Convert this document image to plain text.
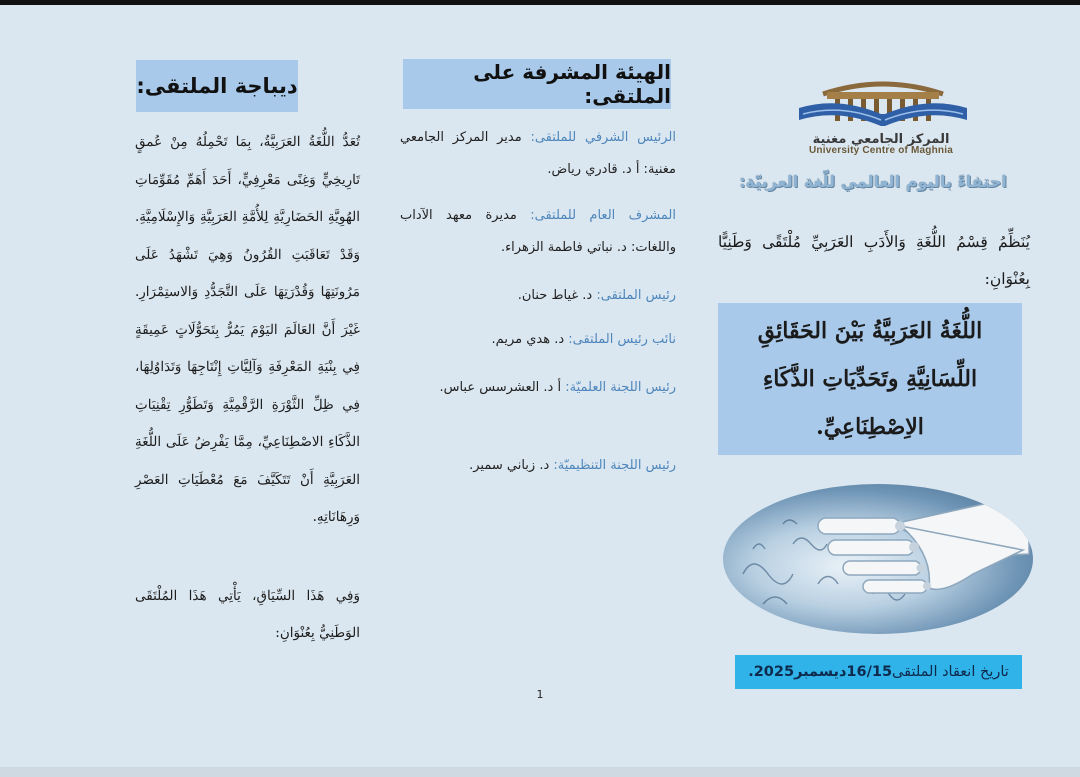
ديباجة الملتقى:
تُعَدُّ اللُّغَةُ العَرَبِيَّةُ، بِمَا تَحْمِلُهُ مِنْ عُمقٍ تَارِيخِيٍّ وَغِنًى مَعْرِفِيٍّ، أَحَدَ أَهَمِّ مُقَوِّمَاتِ الهُوِيَّةِ الحَضَارِيَّةِ لِلأُمَّةِ العَرَبِيَّةِ وَالإِسْلَامِيَّةِ. وَقَدْ تَعَاقَبَتِ القُرُونُ وَهِيَ تَشْهَدُ عَلَى مَرُونَتِهَا وَقُدْرَتِهَا عَلَى التَّجَدُّدِ وَالاستِمْرَارِ. غَيْرَ أَنَّ العَالَمَ اليَوْمَ يَمُرُّ بِتَحَوُّلَاتٍ عَمِيقَةٍ فِي بِنْيَةِ المَعْرِفَةِ وَآلِيَّاتِ إِنْتَاجِهَا وَتَدَاوُلِهَا، فِي ظِلِّ الثَّوْرَةِ الرَّقْمِيَّةِ وَتَطَوُّرِ تِقْنِيَاتِ الذَّكَاءِ الاصْطِنَاعِيِّ، مِمَّا يَفْرِضُ عَلَى اللُّغَةِ العَرَبِيَّةِ أَنْ تَتَكَيَّفَ مَعَ مُعْطَيَاتِ العَصْرِ وَرِهَانَاتِهِ.
وَفِي هَذَا السِّيَاقِ، يَأْتِي هَذَا المُلْتَقَى الوَطَنِيُّ بِعُنْوَانِ:
الهيئة المشرفة على الملتقى:
الرئيس الشرفي للملتقى: مدير المركز الجامعي مغنية: أ د. قادري رياض.
المشرف العام للملتقى: مديرة معهد الآداب واللغات: د. نباتي فاطمة الزهراء.
رئيس الملتقى: د. غياط حنان.
نائب رئيس الملتقى: د. هدي مريم.
رئيس اللجنة العلميّة: أ د. العشرسس عباس.
رئيس اللجنة التنظيميّة: د. زباني سمير.
المركز الجامعي مغنية
University Centre of Maghnia
احتفاءً باليوم العالمي للّغة العربيّة:
يُنَظِّمُ قِسْمُ اللُّغَةِ وَالأَدَبِ العَرَبِيِّ مُلْتَقًى وَطَنِيًّا بِعُنْوَانِ:
اللُّغَةُ العَرَبِيَّةُ بَيْنَ الحَقَائِقِ اللِّسَانِيَّةِ وتَحَدِّيَاتِ الذَّكَاءِ الاِصْطِنَاعِيِّ.
تاريخ انعقاد الملتقى
16/15ديسمبر2025.
1
